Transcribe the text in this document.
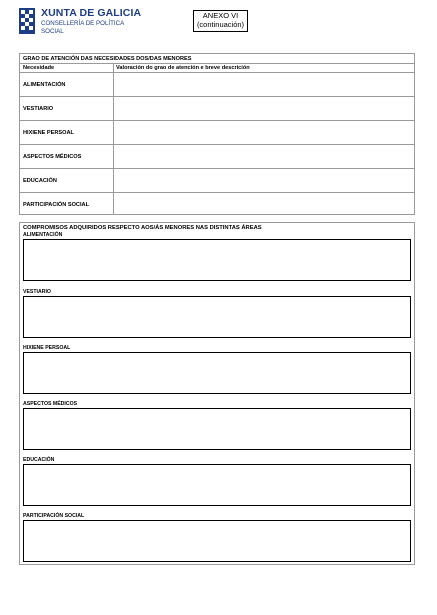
XUNTA DE GALICIA
CONSELLERÍA DE POLÍTICA
SOCIAL
ANEXO VI
(continuación)
GRAO DE ATENCIÓN DAS NECESIDADES DOS/DAS MENORES
Necesidade	Valoración do grao de atención e breve descrición
ALIMENTACIÓN
VESTIARIO
HIXIENE PERSOAL
ASPECTOS MÉDICOS
EDUCACIÓN
PARTICIPACIÓN SOCIAL
COMPROMISOS ADQUIRIDOS RESPECTO AOS/ÁS MENORES NAS DISTINTAS ÁREAS
ALIMENTACIÓN
VESTIARIO
HIXIENE PERSOAL
ASPECTOS MÉDICOS
EDUCACIÓN
PARTICIPACIÓN SOCIAL
